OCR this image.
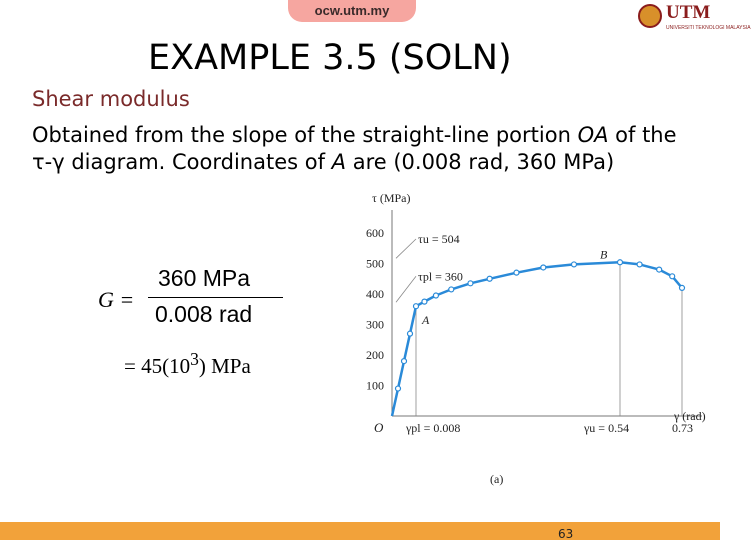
ocw.utm.my	UTM
UNIVERSITI TEKNOLOGI MALAYSIA
EXAMPLE 3.5 (SOLN)
Shear modulus
Obtained from the slope of the straight-line portion OA of the τ-γ diagram. Coordinates of A are (0.008 rad, 360 MPa)
G =
360 MPa
0.008 rad
= $45(10^3)$ MPa
τ (MPa)
γ (rad)
100
200
300
400
500
600
O γpl = 0.008	γu = 0.54	0.73
τu = 504
τpl = 360
A
B
(a)
63
